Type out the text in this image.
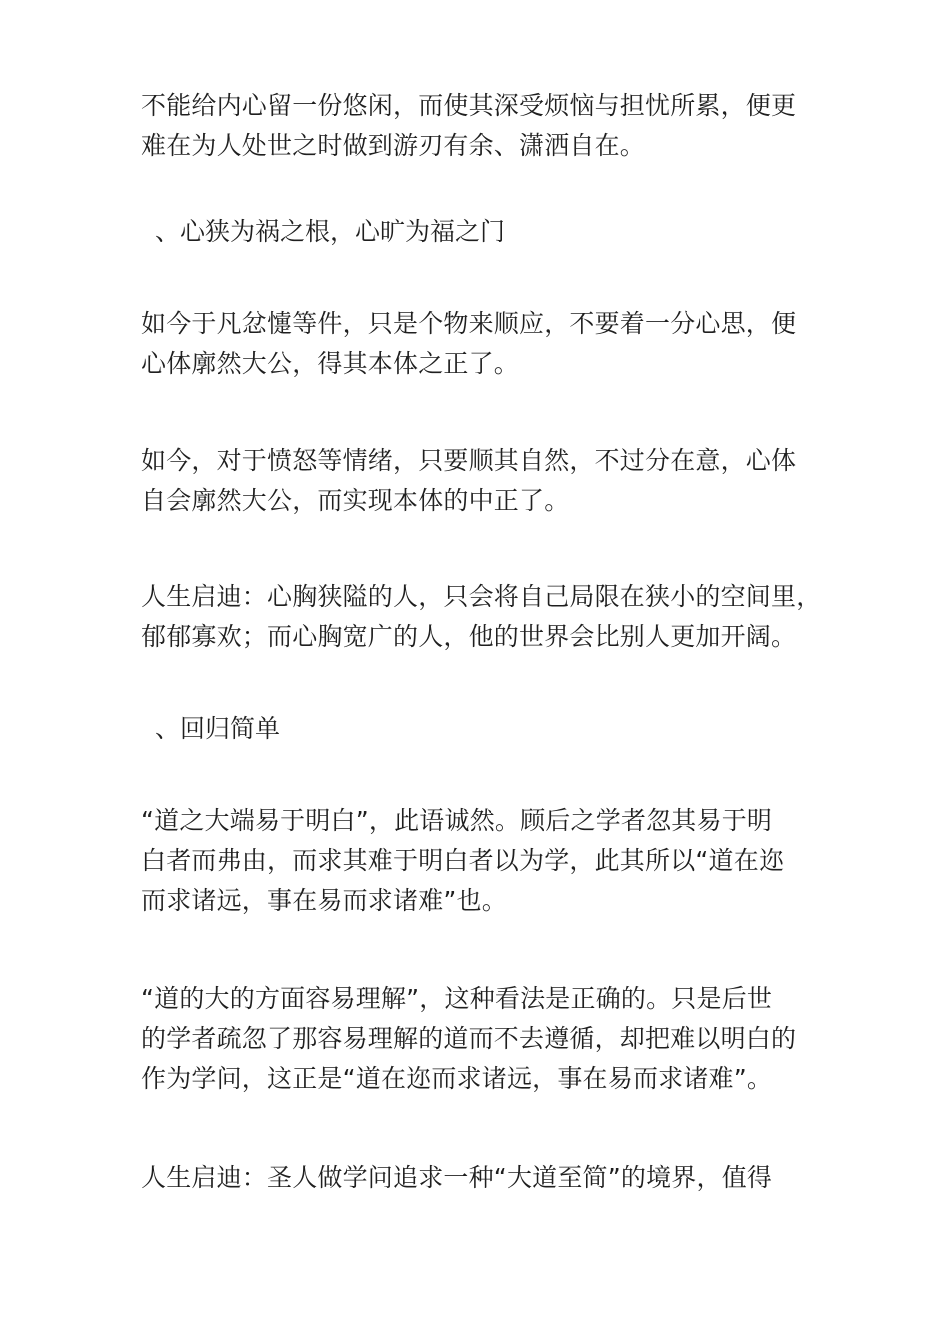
不能给内心留一份悠闲，而使其深受烦恼与担忧所累，便更
难在为人处世之时做到游刃有余、潇洒自在。

、心狭为祸之根，心旷为福之门

如今于凡忿懥等件，只是个物来顺应，不要着一分心思，便
心体廓然大公，得其本体之正了。

如今，对于愤怒等情绪，只要顺其自然，不过分在意，心体
自会廓然大公，而实现本体的中正了。

人生启迪：心胸狭隘的人，只会将自己局限在狭小的空间里，
郁郁寡欢；而心胸宽广的人，他的世界会比别人更加开阔。

、回归简单

“道之大端易于明白”，此语诚然。顾后之学者忽其易于明
白者而弗由，而求其难于明白者以为学，此其所以“道在迩
而求诸远，事在易而求诸难”也。

“道的大的方面容易理解”，这种看法是正确的。只是后世
的学者疏忽了那容易理解的道而不去遵循，却把难以明白的
作为学问，这正是“道在迩而求诸远，事在易而求诸难”。

人生启迪：圣人做学问追求一种“大道至简”的境界，值得
